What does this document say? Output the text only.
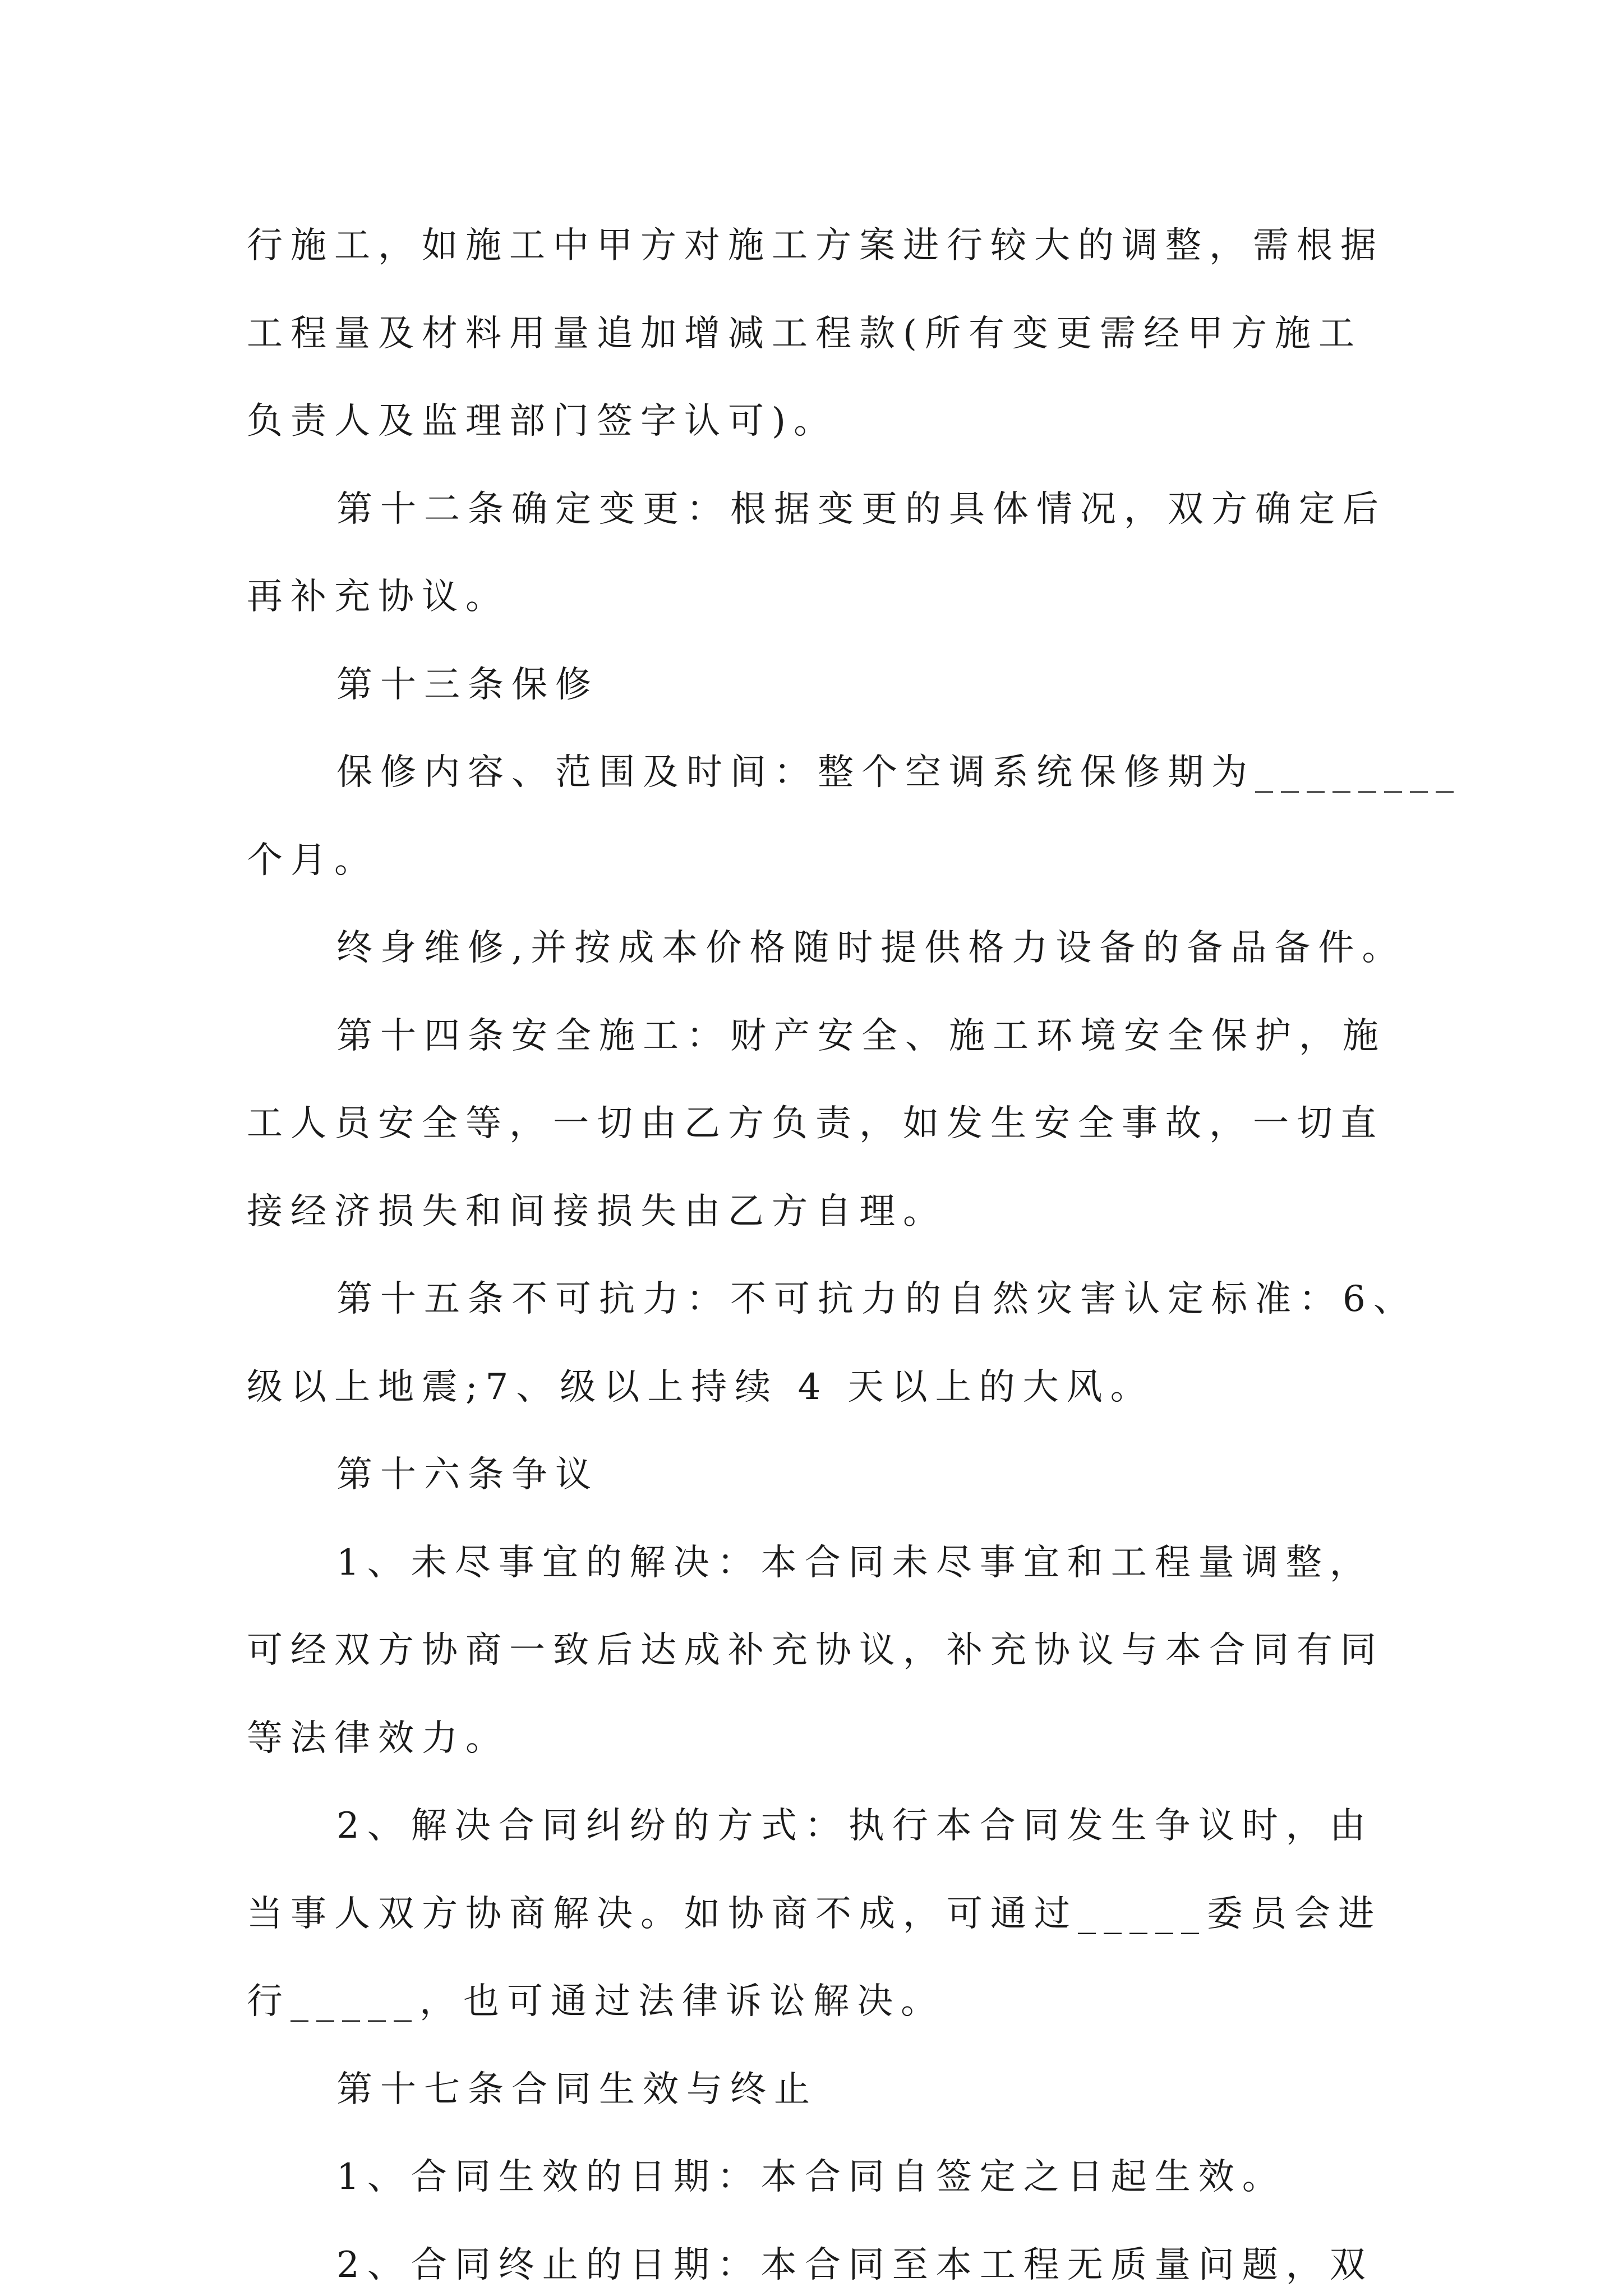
行施工，如施工中甲方对施工方案进行较大的调整，需根据
工程量及材料用量追加增减工程款(所有变更需经甲方施工
负责人及监理部门签字认可)。
第十二条确定变更：根据变更的具体情况，双方确定后
再补充协议。
第十三条保修
保修内容、范围及时间：整个空调系统保修期为________
个月。
终身维修,并按成本价格随时提供格力设备的备品备件。
第十四条安全施工：财产安全、施工环境安全保护，施
工人员安全等，一切由乙方负责，如发生安全事故，一切直
接经济损失和间接损失由乙方自理。
第十五条不可抗力：不可抗力的自然灾害认定标准：6、
级以上地震;7、级以上持续 4 天以上的大风。
第十六条争议
1、未尽事宜的解决：本合同未尽事宜和工程量调整，
可经双方协商一致后达成补充协议，补充协议与本合同有同
等法律效力。
2、解决合同纠纷的方式：执行本合同发生争议时，由
当事人双方协商解决。如协商不成，可通过_____委员会进
行_____，也可通过法律诉讼解决。
第十七条合同生效与终止
1、合同生效的日期：本合同自签定之日起生效。
2、合同终止的日期：本合同至本工程无质量问题，双
